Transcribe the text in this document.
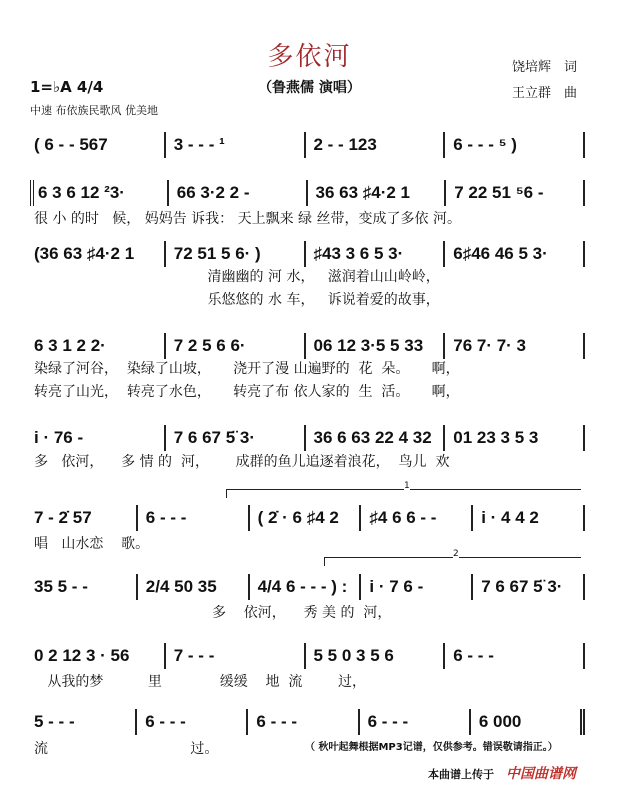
多依河
（鲁燕儒 演唱）
1=♭A 4/4
中速 布依族民歌风 优美地
饶培辉　词
王立群　曲
1
2
( 6 - - 567	3 - - - ¹	2 - - 123	6 - - - ⁵ )
6 3 6 12 ²3·	66 3·2 2 -	36 63 ♯4·2 1	7 22 51 ⁵6 -
很 小 的时   候， 妈妈告 诉我： 天上飘来 绿 丝带，变成了多依 河。
(36 63 ♯4·2 1	72 51 5 6· )	♯43 3 6 5 3·	6♯46 46 5 3·
清幽幽的 河 水，   滋润着山山岭岭，
乐悠悠的 水 车，   诉说着爱的故事，
6 3 1 2 2·	7 2 5 6 6·	06 12 3·5 5 33	76 7· 7· 3
染绿了河谷，  染绿了山坡，     浇开了漫 山遍野的  花  朵。     啊，
转亮了山光，  转亮了水色，     转亮了布 依人家的  生  活。     啊，
i · 76 -	7 6 67 5̈ 3·	36 6 63 22 4 32	01 23 3 5 3
多   依河，    多 情 的  河，      成群的鱼儿追逐着浪花，  鸟儿  欢
7 - 2̇ 57	6 - - -	( 2̇ · 6 ♯4 2	♯4 6 6 - -	i · 4 4 2
唱   山水恋    歌。
35 5 - -	2/4 50 35	4/4 6 - - - ) :	i · 7 6 -	7 6 67 5̈ 3·
多    依河，    秀 美 的  河，
0 2 12 3 · 56	7 - - -	5 5 0 3 5 6	6 - - -
从我的梦          里             缓缓    地  流        过，
5 - - -	6 - - -	6 - - -	6 - - -	6 000
流                                过。	（ 秋叶起舞根据MP3记谱，仅供参考。错误敬请指正。）
本曲谱上传于 中国曲谱网
